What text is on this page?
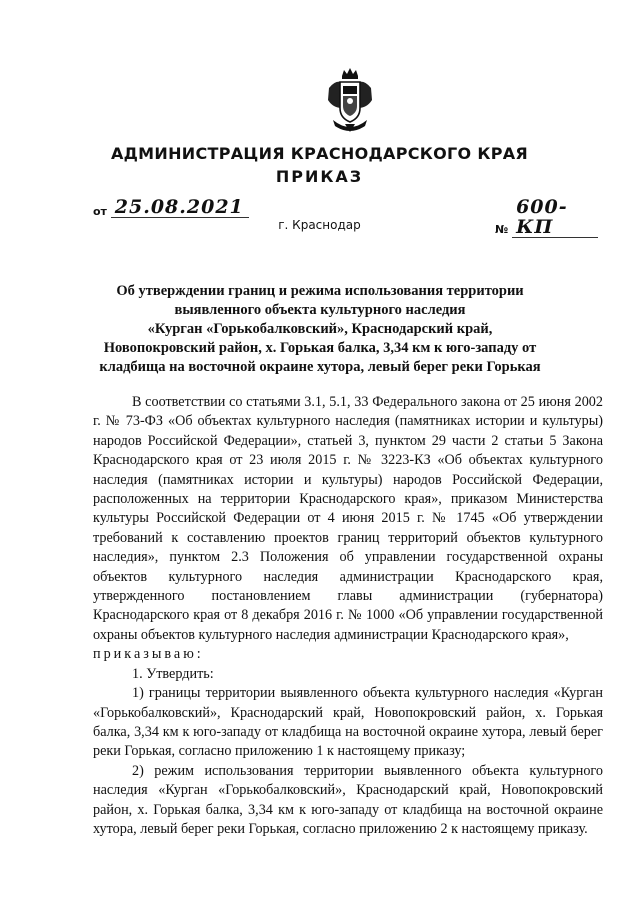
АДМИНИСТРАЦИЯ КРАСНОДАРСКОГО КРАЯ
ПРИКАЗ
от 25.08.2021
№ 600-КП
г. Краснодар
Об утверждении границ и режима использования территории
выявленного объекта культурного наследия
«Курган «Горькобалковский», Краснодарский край,
Новопокровский район, х. Горькая балка, 3,34 км к юго-западу от
кладбища на восточной окраине хутора, левый берег реки Горькая

В соответствии со статьями 3.1, 5.1, 33 Федерального закона от 25 июня 2002 г. № 73-ФЗ «Об объектах культурного наследия (памятниках истории и культуры) народов Российской Федерации», статьей 3, пунктом 29 части 2 статьи 5 Закона Краснодарского края от 23 июля 2015 г. № 3223-КЗ «Об объектах культурного наследия (памятниках истории и культуры) народов Российской Федерации, расположенных на территории Краснодарского края», приказом Министерства культуры Российской Федерации от 4 июня 2015 г. № 1745 «Об утверждении требований к составлению проектов границ территорий объектов культурного наследия», пунктом 2.3 Положения об управлении государственной охраны объектов культурного наследия администрации Краснодарского края, утвержденного постановлением главы администрации (губернатора) Краснодарского края от 8 декабря 2016 г. № 1000 «Об управлении государственной охраны объектов культурного наследия администрации Краснодарского края»,

приказываю:

1. Утвердить:

1) границы территории выявленного объекта культурного наследия «Курган «Горькобалковский», Краснодарский край, Новопокровский район, х. Горькая балка, 3,34 км к юго-западу от кладбища на восточной окраине хутора, левый берег реки Горькая, согласно приложению 1 к настоящему приказу;

2) режим использования территории выявленного объекта культурного наследия «Курган «Горькобалковский», Краснодарский край, Новопокровский район, х. Горькая балка, 3,34 км к юго-западу от кладбища на восточной окраине хутора, левый берег реки Горькая, согласно приложению 2 к настоящему приказу.
